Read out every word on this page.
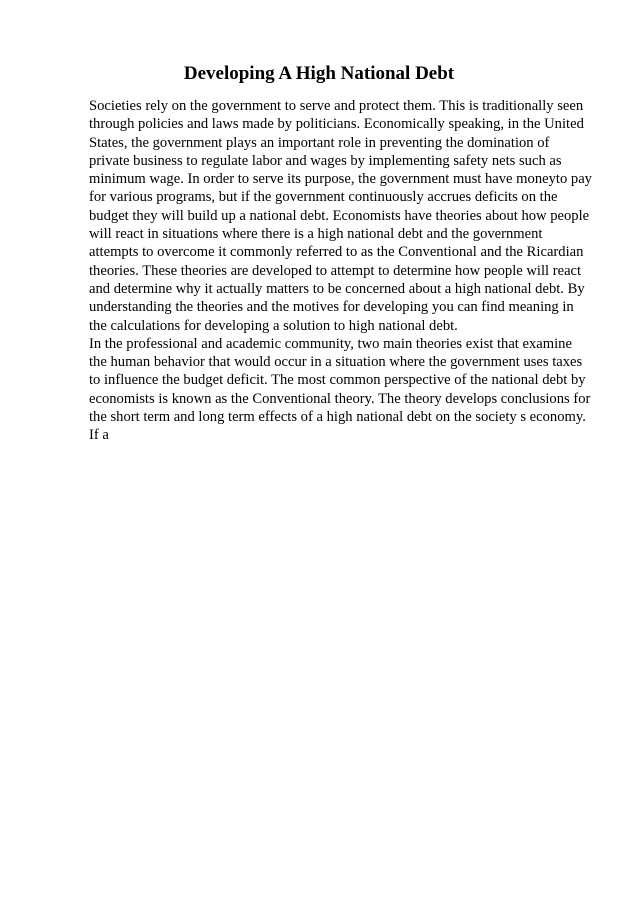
Developing A High National Debt
Societies rely on the government to serve and protect them. This is traditionally seen
through policies and laws made by politicians. Economically speaking, in the United
States, the government plays an important role in preventing the domination of
private business to regulate labor and wages by implementing safety nets such as
minimum wage. In order to serve its purpose, the government must have moneyto pay
for various programs, but if the government continuously accrues deficits on the
budget they will build up a national debt. Economists have theories about how people
will react in situations where there is a high national debt and the government
attempts to overcome it commonly referred to as the Conventional and the Ricardian
theories. These theories are developed to attempt to determine how people will react
and determine why it actually matters to be concerned about a high national debt. By
understanding the theories and the motives for developing you can find meaning in
the calculations for developing a solution to high national debt.
In the professional and academic community, two main theories exist that examine
the human behavior that would occur in a situation where the government uses taxes
to influence the budget deficit. The most common perspective of the national debt by
economists is known as the Conventional theory. The theory develops conclusions for
the short term and long term effects of a high national debt on the society s economy.
If a
